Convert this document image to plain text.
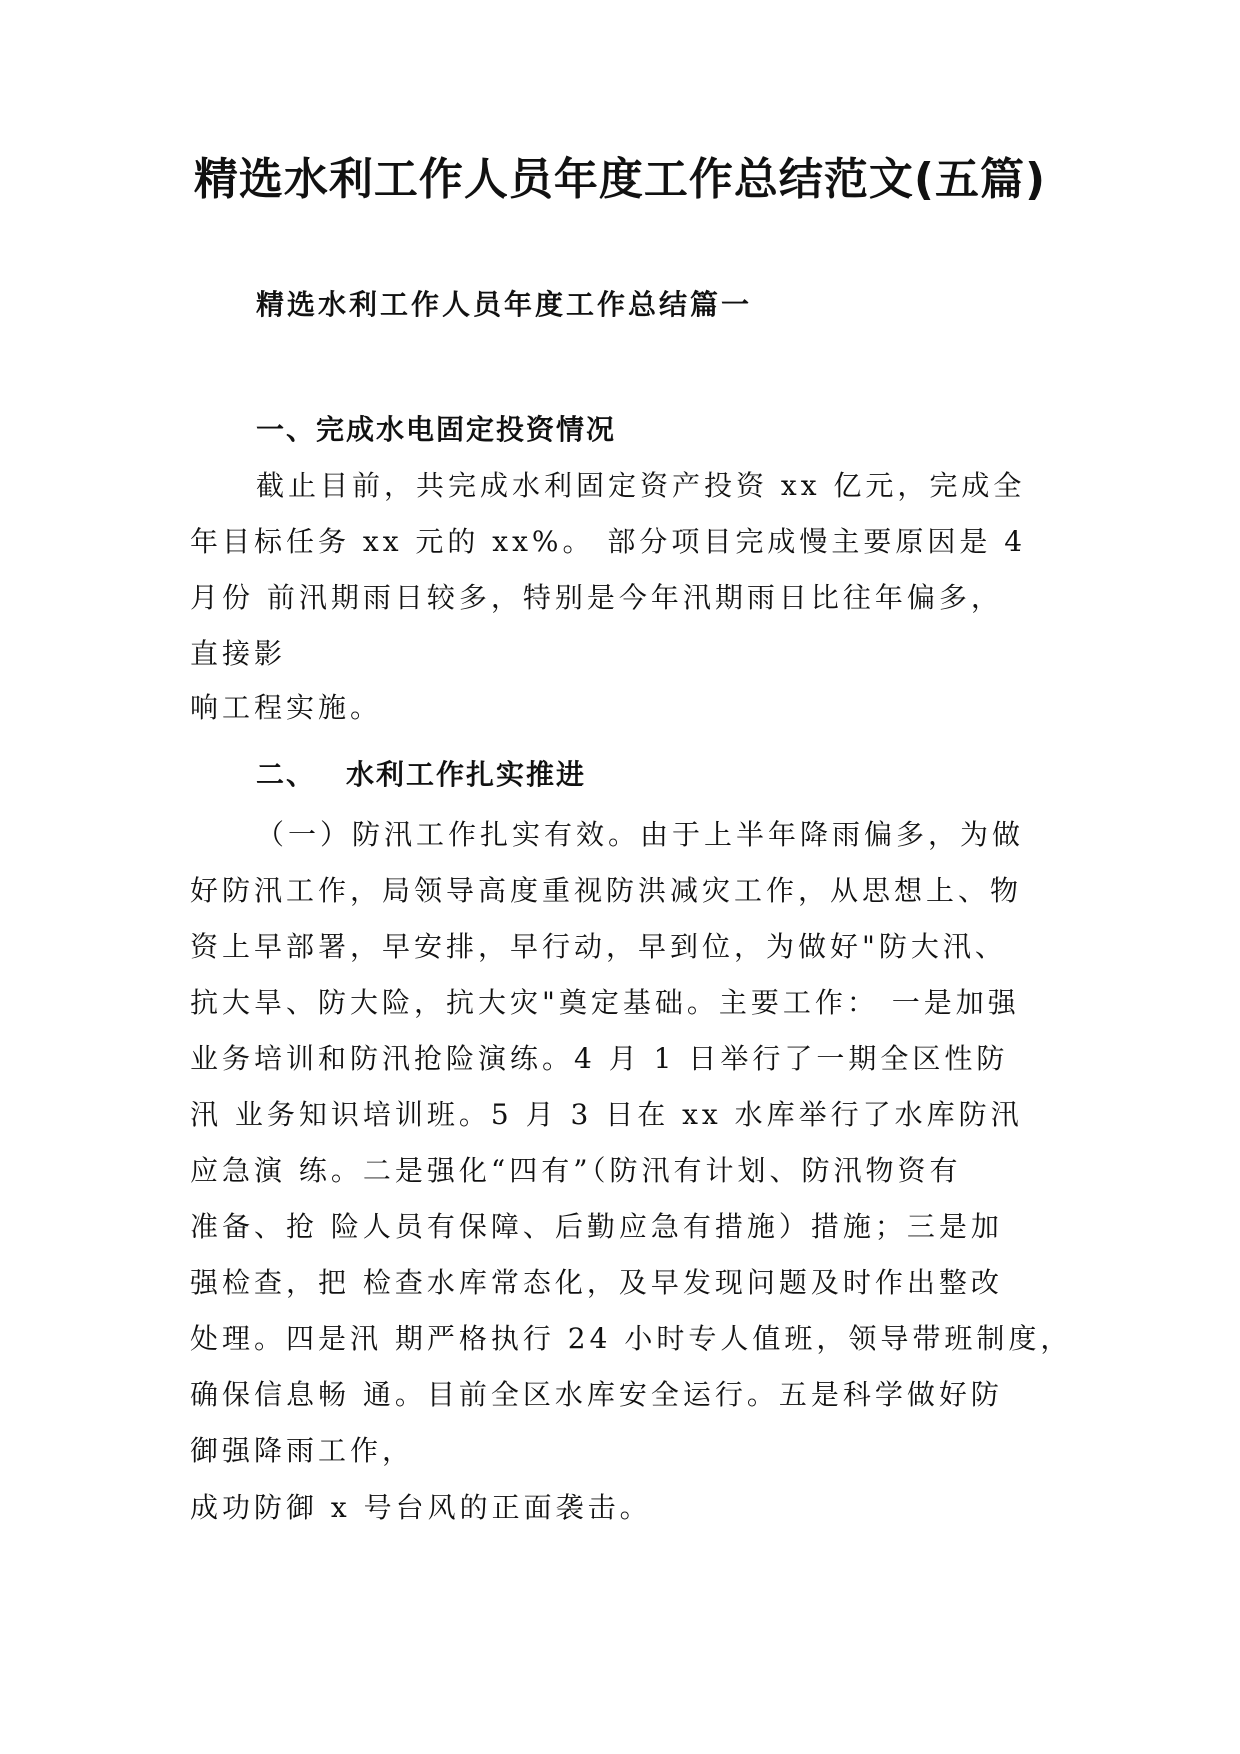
精选水利工作人员年度工作总结范文(五篇)
精选水利工作人员年度工作总结篇一
一、完成水电固定投资情况
截止目前，共完成水利固定资产投资 xx 亿元，完成全
年目标任务 xx 元的 xx%。 部分项目完成慢主要原因是 4
月份 前汛期雨日较多，特别是今年汛期雨日比往年偏多，
直接影
响工程实施。
二、 水利工作扎实推进
（一）防汛工作扎实有效。由于上半年降雨偏多，为做
好防汛工作，局领导高度重视防洪减灾工作，从思想上、物
资上早部署，早安排，早行动，早到位，为做好"防大汛、
抗大旱、防大险，抗大灾"奠定基础。主要工作： 一是加强
业务培训和防汛抢险演练。4 月 1 日举行了一期全区性防
汛 业务知识培训班。5 月 3 日在 xx 水库举行了水库防汛
应急演 练。二是强化“四有”（防汛有计划、防汛物资有
准备、抢 险人员有保障、后勤应急有措施）措施；三是加
强检查，把 检查水库常态化，及早发现问题及时作出整改
处理。四是汛 期严格执行 24 小时专人值班，领导带班制度，
确保信息畅 通。目前全区水库安全运行。五是科学做好防
御强降雨工作，
成功防御 x 号台风的正面袭击。
